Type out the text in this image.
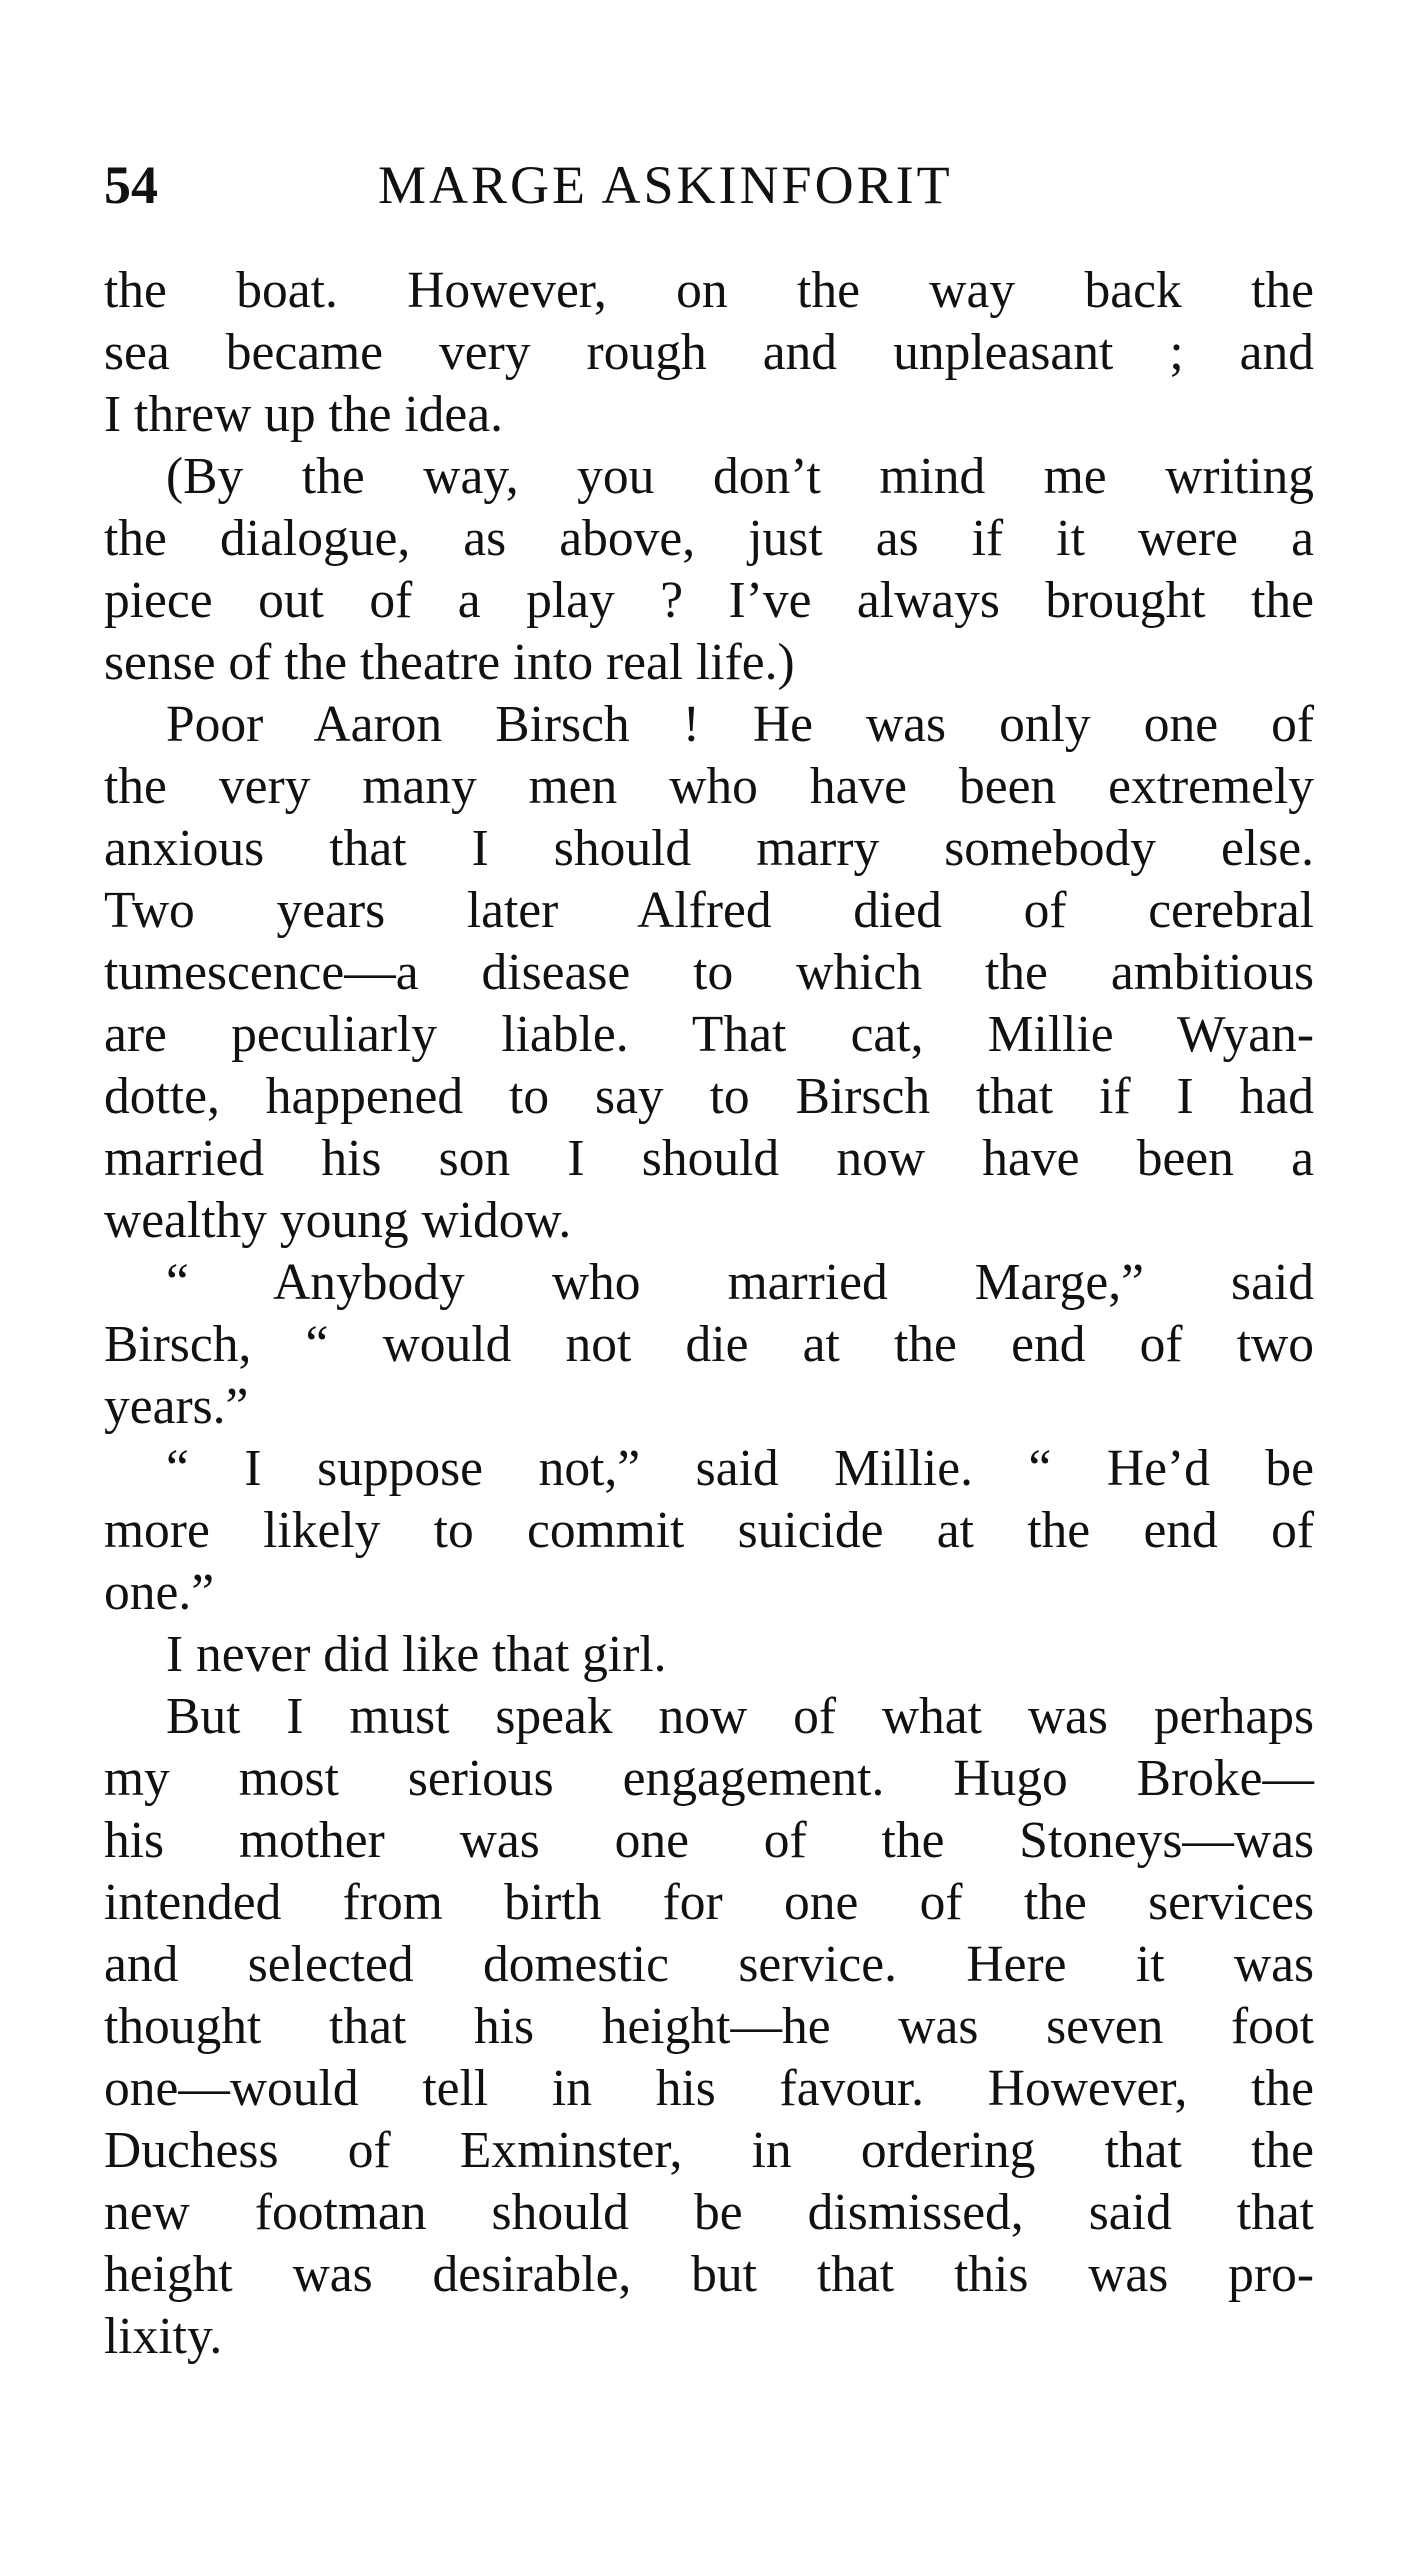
54	MARGE ASKINFORIT

the boat. However, on the way back the
sea became very rough and unpleasant ; and
I threw up the idea.

(By the way, you don’t mind me writing
the dialogue, as above, just as if it were a
piece out of a play ? I’ve always brought the
sense of the theatre into real life.)

Poor Aaron Birsch ! He was only one of
the very many men who have been extremely
anxious that I should marry somebody else.
Two years later Alfred died of cerebral
tumescence—a disease to which the ambitious
are peculiarly liable. That cat, Millie Wyan-
dotte, happened to say to Birsch that if I had
married his son I should now have been a
wealthy young widow.

“ Anybody who married Marge,” said
Birsch, “ would not die at the end of two
years.”

“ I suppose not,” said Millie. “ He’d be
more likely to commit suicide at the end of
one.”

I never did like that girl.

But I must speak now of what was perhaps
my most serious engagement. Hugo Broke—
his mother was one of the Stoneys—was
intended from birth for one of the services
and selected domestic service. Here it was
thought that his height—he was seven foot
one—would tell in his favour. However, the
Duchess of Exminster, in ordering that the
new footman should be dismissed, said that
height was desirable, but that this was pro-
lixity.
